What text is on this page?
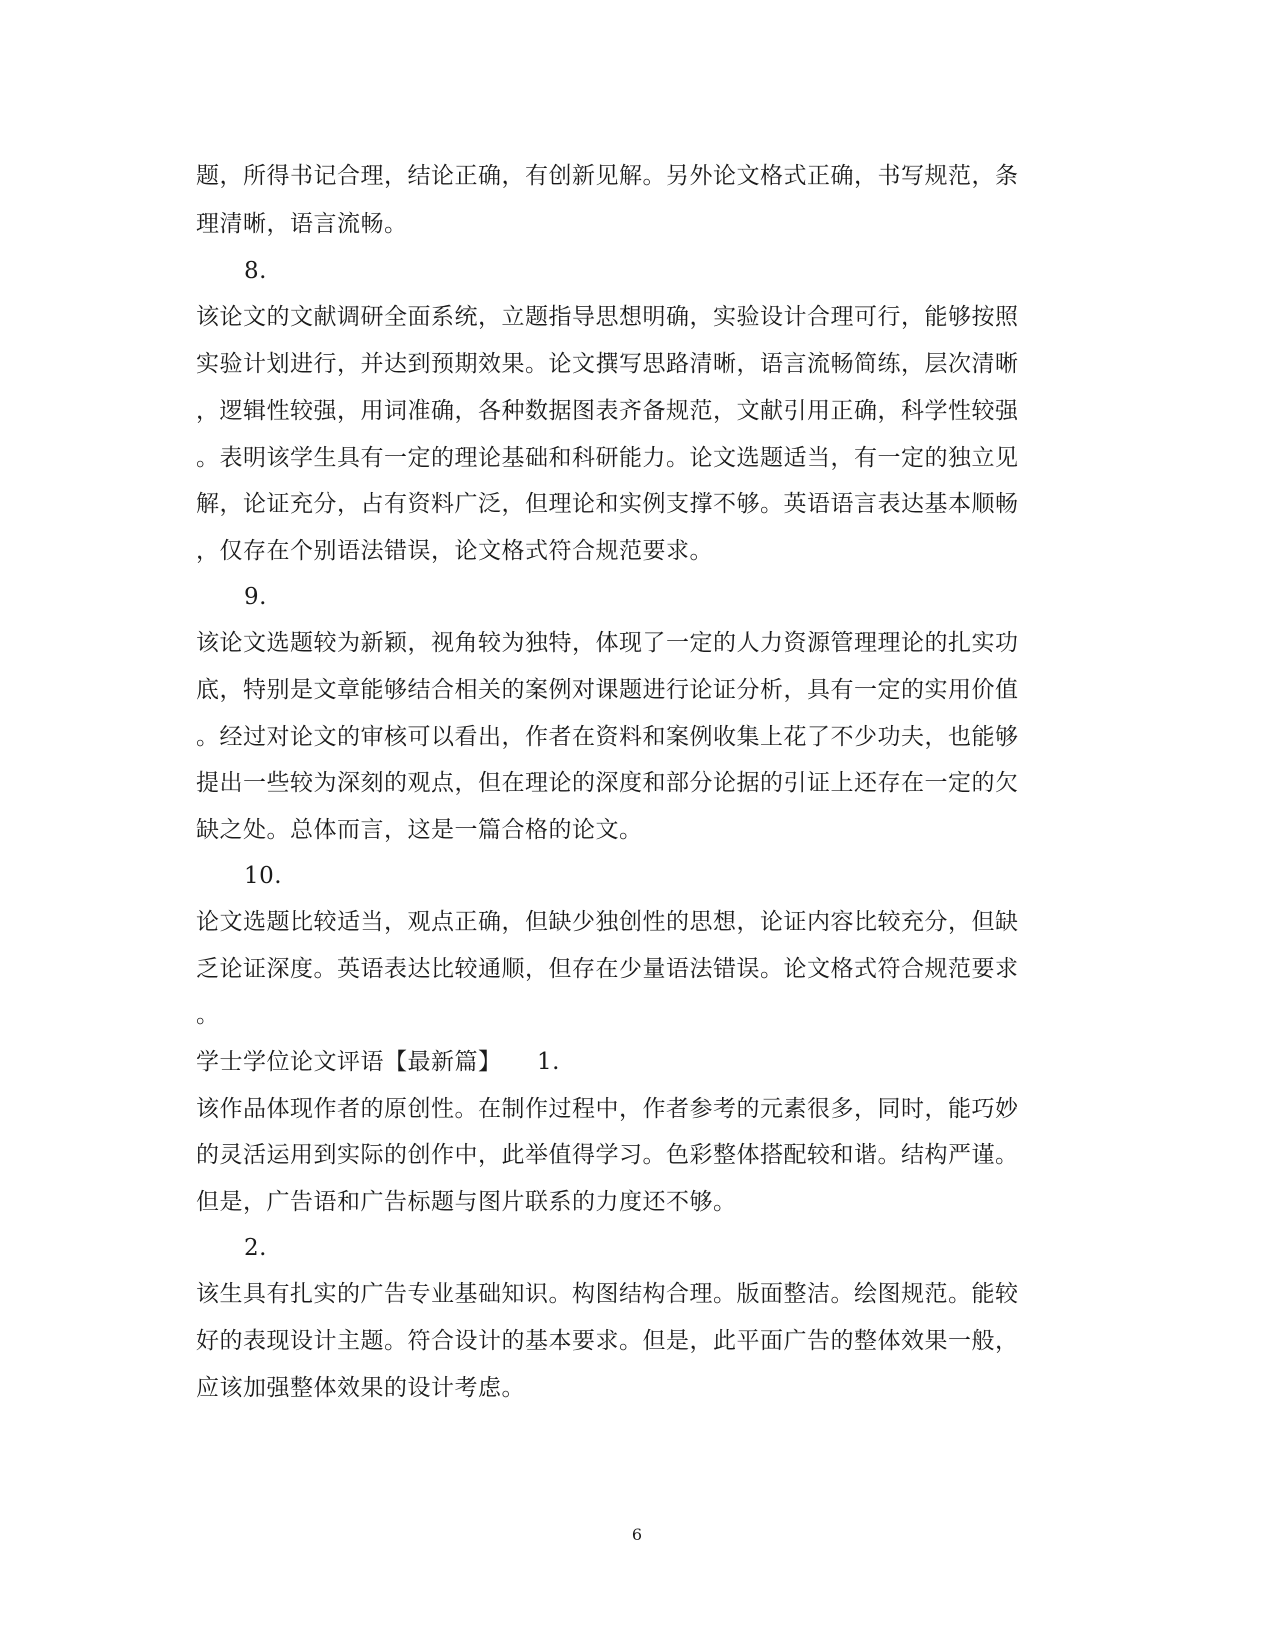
题，所得书记合理，结论正确，有创新见解。另外论文格式正确，书写规范，条
理清晰，语言流畅。
8.
该论文的文献调研全面系统，立题指导思想明确，实验设计合理可行，能够按照
实验计划进行，并达到预期效果。论文撰写思路清晰，语言流畅简练，层次清晰
，逻辑性较强，用词准确，各种数据图表齐备规范，文献引用正确，科学性较强
。表明该学生具有一定的理论基础和科研能力。论文选题适当，有一定的独立见
解，论证充分，占有资料广泛，但理论和实例支撑不够。英语语言表达基本顺畅
，仅存在个别语法错误，论文格式符合规范要求。
9.
该论文选题较为新颖，视角较为独特，体现了一定的人力资源管理理论的扎实功
底，特别是文章能够结合相关的案例对课题进行论证分析，具有一定的实用价值
。经过对论文的审核可以看出，作者在资料和案例收集上花了不少功夫，也能够
提出一些较为深刻的观点，但在理论的深度和部分论据的引证上还存在一定的欠
缺之处。总体而言，这是一篇合格的论文。
10.
论文选题比较适当，观点正确，但缺少独创性的思想，论证内容比较充分，但缺
乏论证深度。英语表达比较通顺，但存在少量语法错误。论文格式符合规范要求
。
学士学位论文评语【最新篇】　　1.
该作品体现作者的原创性。在制作过程中，作者参考的元素很多，同时，能巧妙
的灵活运用到实际的创作中，此举值得学习。色彩整体搭配较和谐。结构严谨。
但是，广告语和广告标题与图片联系的力度还不够。
2.
该生具有扎实的广告专业基础知识。构图结构合理。版面整洁。绘图规范。能较
好的表现设计主题。符合设计的基本要求。但是，此平面广告的整体效果一般，
应该加强整体效果的设计考虑。
6
